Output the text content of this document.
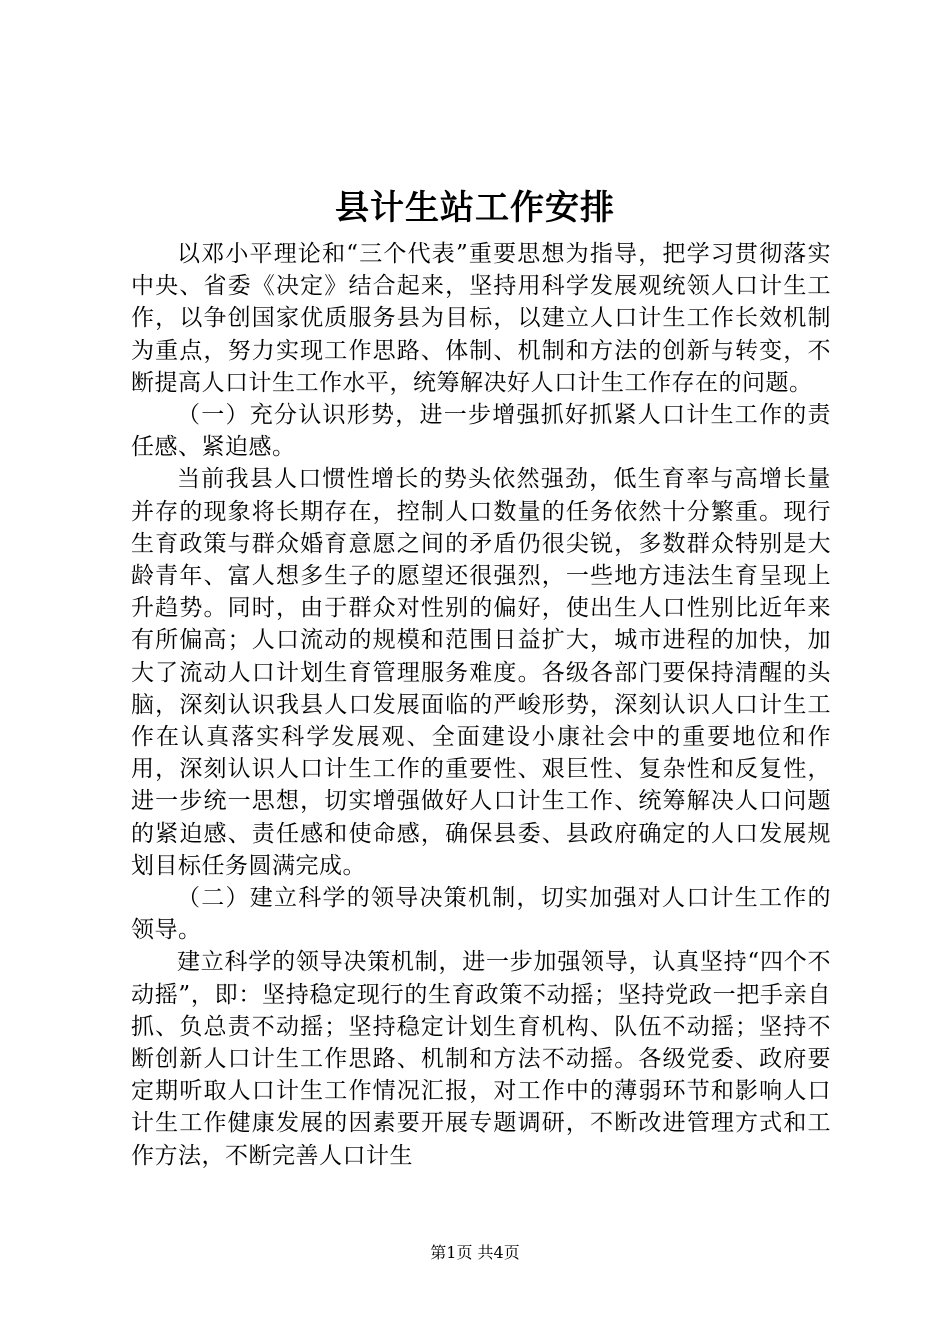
县计生站工作安排

以邓小平理论和“三个代表”重要思想为指导，把学习贯彻落实中央、省委《决定》结合起来，坚持用科学发展观统领人口计生工作，以争创国家优质服务县为目标，以建立人口计生工作长效机制为重点，努力实现工作思路、体制、机制和方法的创新与转变，不断提高人口计生工作水平，统筹解决好人口计生工作存在的问题。

（一）充分认识形势，进一步增强抓好抓紧人口计生工作的责任感、紧迫感。

当前我县人口惯性增长的势头依然强劲，低生育率与高增长量并存的现象将长期存在，控制人口数量的任务依然十分繁重。现行生育政策与群众婚育意愿之间的矛盾仍很尖锐，多数群众特别是大龄青年、富人想多生子的愿望还很强烈，一些地方违法生育呈现上升趋势。同时，由于群众对性别的偏好，使出生人口性别比近年来有所偏高；人口流动的规模和范围日益扩大，城市进程的加快，加大了流动人口计划生育管理服务难度。各级各部门要保持清醒的头脑，深刻认识我县人口发展面临的严峻形势，深刻认识人口计生工作在认真落实科学发展观、全面建设小康社会中的重要地位和作用，深刻认识人口计生工作的重要性、艰巨性、复杂性和反复性，进一步统一思想，切实增强做好人口计生工作、统筹解决人口问题的紧迫感、责任感和使命感，确保县委、县政府确定的人口发展规划目标任务圆满完成。

（二）建立科学的领导决策机制，切实加强对人口计生工作的领导。

建立科学的领导决策机制，进一步加强领导，认真坚持“四个不动摇”，即：坚持稳定现行的生育政策不动摇；坚持党政一把手亲自抓、负总责不动摇；坚持稳定计划生育机构、队伍不动摇；坚持不断创新人口计生工作思路、机制和方法不动摇。各级党委、政府要定期听取人口计生工作情况汇报，对工作中的薄弱环节和影响人口计生工作健康发展的因素要开展专题调研，不断改进管理方式和工作方法，不断完善人口计生

第1页 共4页
